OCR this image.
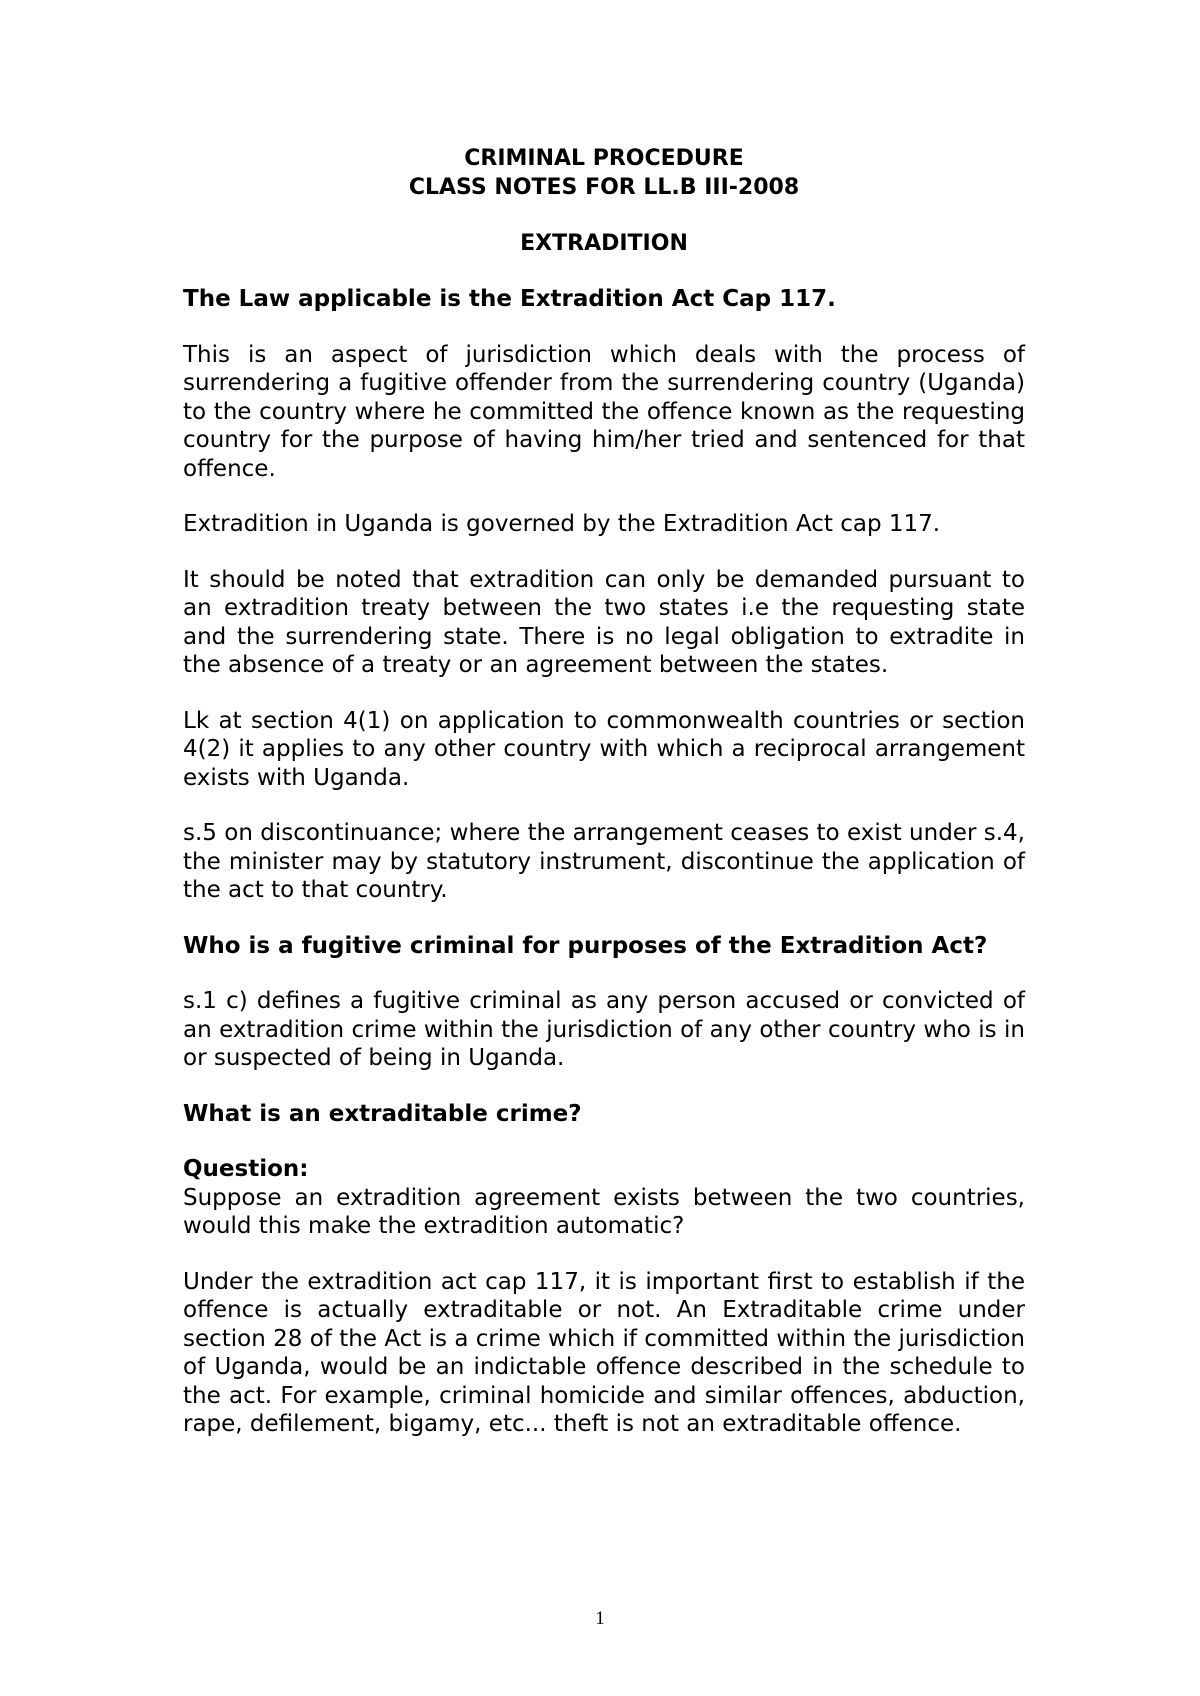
CRIMINAL PROCEDURE

CLASS NOTES FOR LL.B III-2008

EXTRADITION

The Law applicable is the Extradition Act Cap 117.

This is an aspect of jurisdiction which deals with the process of surrendering a fugitive offender from the surrendering country (Uganda) to the country where he committed the offence known as the requesting country for the purpose of having him/her tried and sentenced for that offence.

Extradition in Uganda is governed by the Extradition Act cap 117.

It should be noted that extradition can only be demanded pursuant to an extradition treaty between the two states i.e the requesting state and the surrendering state. There is no legal obligation to extradite in the absence of a treaty or an agreement between the states.

Lk at section 4(1) on application to commonwealth countries or section 4(2) it applies to any other country with which a reciprocal arrangement exists with Uganda.

s.5 on discontinuance; where the arrangement ceases to exist under s.4, the minister may by statutory instrument, discontinue the application of the act to that country.

Who is a fugitive criminal for purposes of the Extradition Act?

s.1 c) defines a fugitive criminal as any person accused or convicted of an extradition crime within the jurisdiction of any other country who is in or suspected of being in Uganda.

What is an extraditable crime?

Question:

Suppose an extradition agreement exists between the two countries, would this make the extradition automatic?

Under the extradition act cap 117, it is important first to establish if the offence is actually extraditable or not. An Extraditable crime under section 28 of the Act is a crime which if committed within the jurisdiction of Uganda, would be an indictable offence described in the schedule to the act. For example, criminal homicide and similar offences, abduction, rape, defilement, bigamy, etc... theft is not an extraditable offence.

1
